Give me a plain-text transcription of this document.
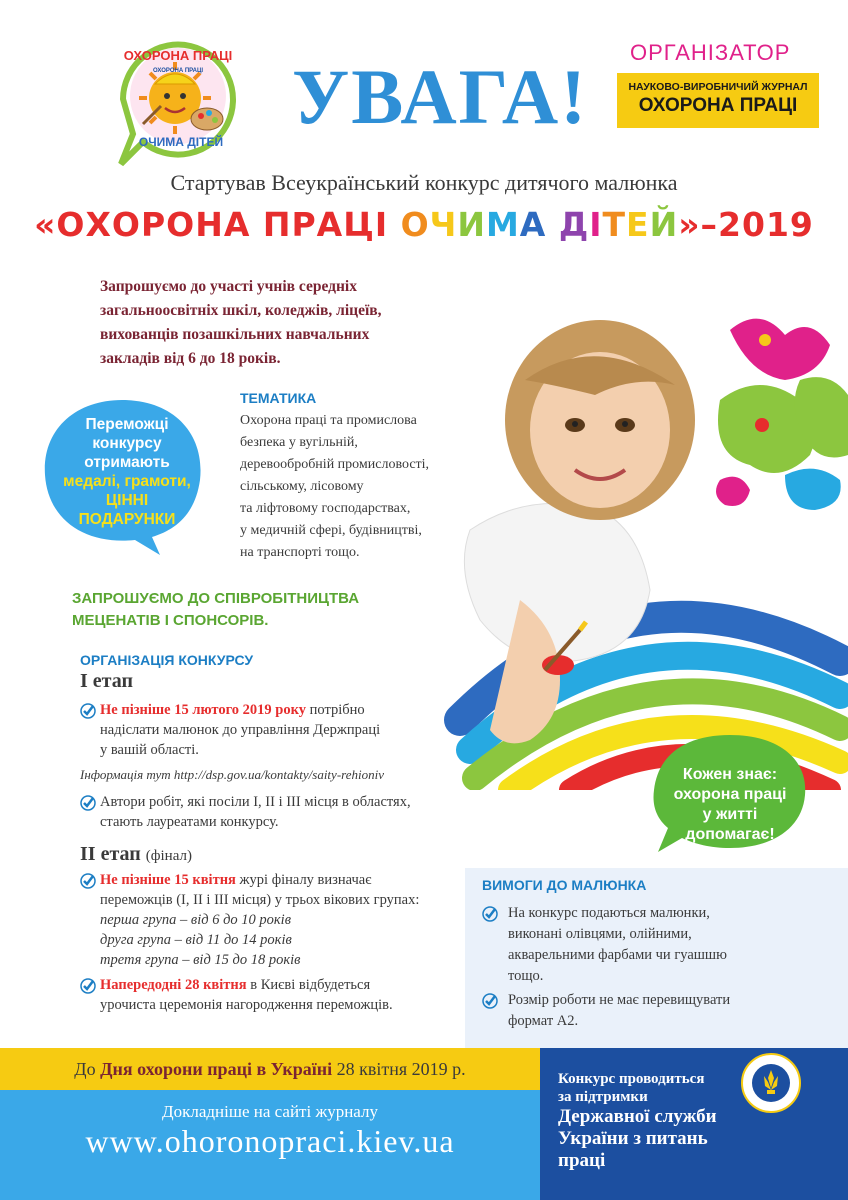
ОХОРОНА ПРАЦІ
ОХОРОНА ПРАЦІ
ОЧИМА ДІТЕЙ
УВАГА!
ОРГАНІЗАТОР
НАУКОВО-ВИРОБНИЧИЙ ЖУРНАЛ
ОХОРОНА ПРАЦІ
Стартував Всеукраїнський конкурс дитячого малюнка
«ОХОРОНА ПРАЦІ ОЧИМА ДІТЕЙ»–2019
Запрошуємо до участі учнів середніх
загальноосвітніх шкіл, коледжів, ліцеїв,
вихованців позашкільних навчальних
закладів від 6 до 18 років.
Переможці
конкурсу
отримають
медалі, грамоти,
ЦІННІ
ПОДАРУНКИ
ТЕМАТИКА
Охорона праці та промислова
безпека у вугільній,
деревообробній промисловості,
сільському, лісовому
та ліфтовому господарствах,
у медичній сфері, будівництві,
на транспорті тощо.
ЗАПРОШУЄМО ДО СПІВРОБІТНИЦТВА
МЕЦЕНАТІВ І СПОНСОРІВ.
ОРГАНІЗАЦІЯ КОНКУРСУ
І етап
Не пізніше 15 лютого 2019 року потрібно
надіслати малюнок до управління Держпраці
у вашій області.
Інформація тут http://dsp.gov.ua/kontakty/saity-rehioniv
Автори робіт, які посіли І, ІІ і ІІІ місця в областях,
стають лауреатами конкурсу.
ІІ етап (фінал)
Не пізніше 15 квітня журі фіналу визначає
переможців (І, ІІ і ІІІ місця) у трьох вікових групах:
перша група – від 6 до 10 років
друга група – від 11 до 14 років
третя група – від 15 до 18 років
Напередодні 28 квітня в Києві відбудеться
урочиста церемонія нагородження переможців.
Кожен знає:
охорона праці
у житті
допомагає!
ВИМОГИ ДО МАЛЮНКА
На конкурс подаються малюнки,
виконані олівцями, олійними,
акварельними фарбами чи гуашшю
тощо.
Розмір роботи не має перевищувати
формат А2.
До Дня охорони праці в Україні 28 квітня 2019 р.
Докладніше на сайті журналу
www.ohoronopraci.kiev.ua
Конкурс проводиться
за підтримки
Державної служби
України з питань праці
